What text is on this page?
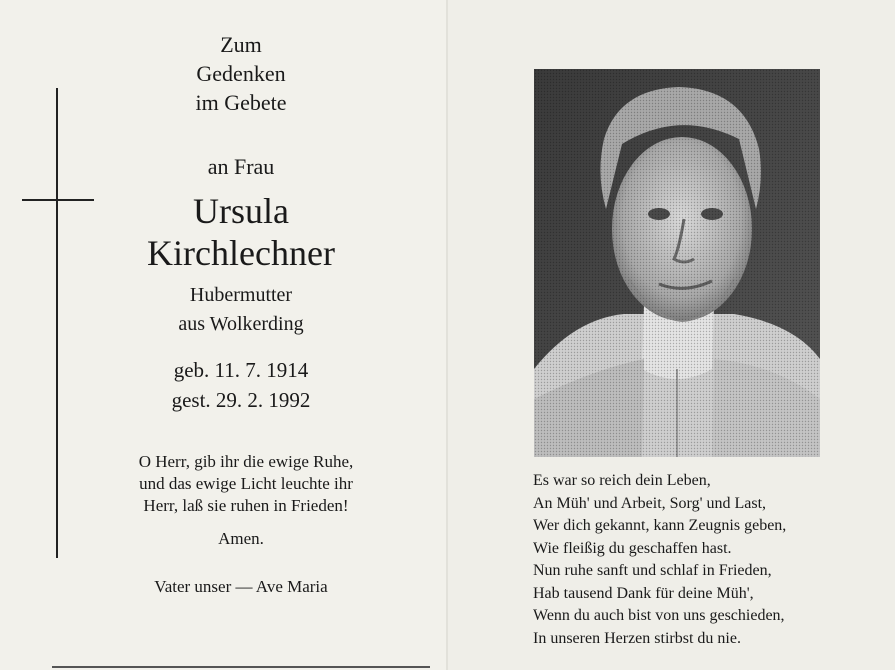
Zum
Gedenken
im Gebete
an Frau
Ursula
Kirchlechner
Hubermutter
aus Wolkerding
geb. 11. 7. 1914
gest. 29. 2. 1992
O Herr, gib ihr die ewige Ruhe,
und das ewige Licht leuchte ihr
Herr, laß sie ruhen in Frieden!
Amen.
Vater unser — Ave Maria
Es war so reich dein Leben,
An Müh' und Arbeit, Sorg' und Last,
Wer dich gekannt, kann Zeugnis geben,
Wie fleißig du geschaffen hast.
Nun ruhe sanft und schlaf in Frieden,
Hab tausend Dank für deine Müh',
Wenn du auch bist von uns geschieden,
In unseren Herzen stirbst du nie.
